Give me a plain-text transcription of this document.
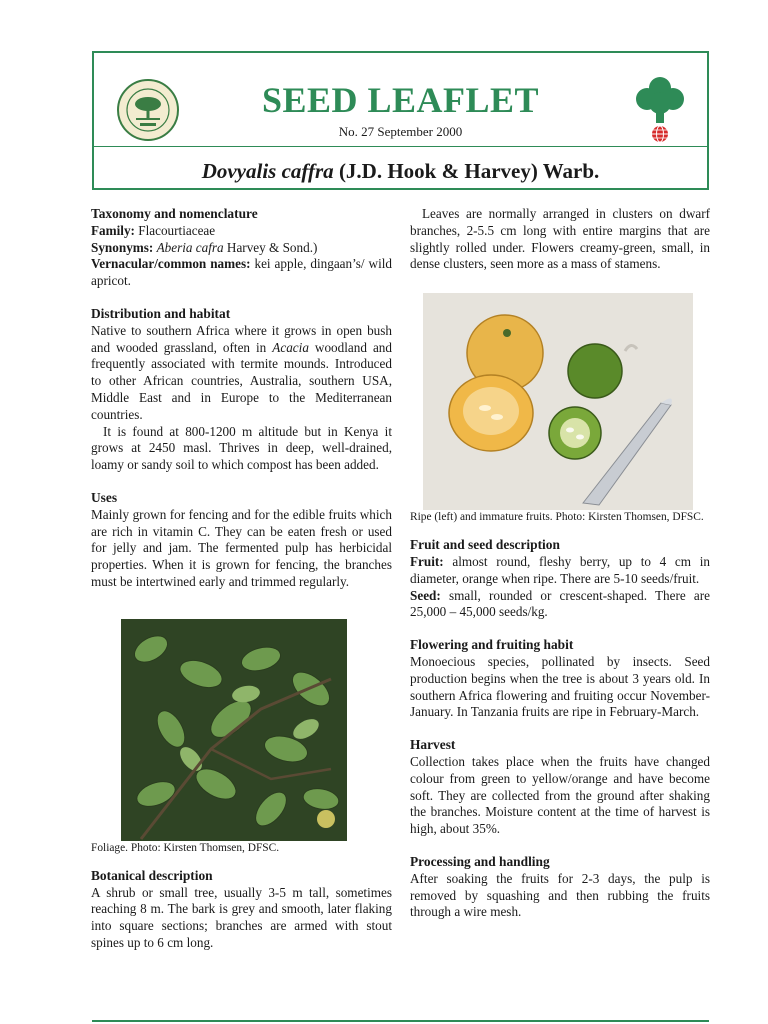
SEED LEAFLET
No. 27 September 2000
Dovyalis caffra (J.D. Hook & Harvey) Warb.
Taxonomy and nomenclature

Family: Flacourtiaceae

Synonyms: Aberia cafra Harvey & Sond.)

Vernacular/common names: kei apple, dingaan’s/ wild apricot.

Distribution and habitat

Native to southern Africa where it grows in open bush and wooded grassland, often in Acacia woodland and frequently associated with termite mounds. Introduced to other African countries, Australia, southern USA, Middle East and in Europe to the Mediterranean countries.

It is found at 800-1200 m altitude but in Kenya it grows at 2450 masl. Thrives in deep, well-drained, loamy or sandy soil to which compost has been added.

Uses

Mainly grown for fencing and for the edible fruits which are rich in vitamin C. They can be eaten fresh or used for jelly and jam. The fermented pulp has herbicidal properties. When it is grown for fencing, the branches must be intertwined early and trimmed regularly.

Foliage. Photo: Kirsten Thomsen, DFSC.

Botanical description

A shrub or small tree, usually 3-5 m tall, sometimes reaching 8 m. The bark is grey and smooth, later flaking into square sections; branches are armed with stout spines up to 6 cm long.

Leaves are normally arranged in clusters on dwarf branches, 2-5.5 cm long with entire margins that are slightly rolled under. Flowers creamy-green, small, in dense clusters, seen more as a mass of stamens.

Ripe (left) and immature fruits. Photo: Kirsten Thomsen, DFSC.

Fruit and seed description

Fruit: almost round, fleshy berry, up to 4 cm in diameter, orange when ripe. There are 5-10 seeds/fruit.

Seed: small, rounded or crescent-shaped. There are 25,000 – 45,000 seeds/kg.

Flowering and fruiting habit

Monoecious species, pollinated by insects. Seed production begins when the tree is about 3 years old. In southern Africa flowering and fruiting occur November-January. In Tanzania fruits are ripe in February-March.

Harvest

Collection takes place when the fruits have changed colour from green to yellow/orange and have become soft. They are collected from the ground after shaking the branches. Moisture content at the time of harvest is high, about 35%.

Processing and handling

After soaking the fruits for 2-3 days, the pulp is removed by squashing and then rubbing the fruits through a wire mesh.
